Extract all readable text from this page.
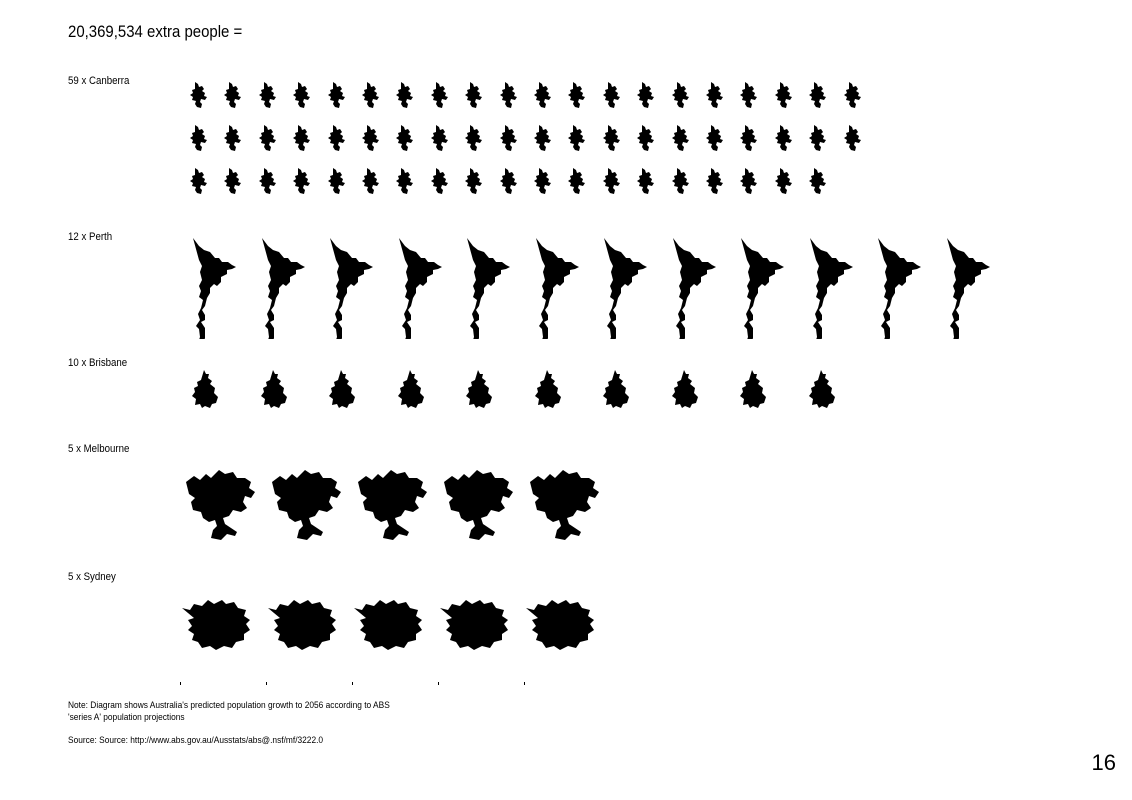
20,369,534 extra people =
59 x Canberra
12 x Perth
10 x Brisbane
5 x Melbourne
5 x Sydney
Note: Diagram shows Australia's predicted population growth to 2056 according to ABS
'series A' population projections
Source: Source: http://www.abs.gov.au/Ausstats/abs@.nsf/mf/3222.0
16
